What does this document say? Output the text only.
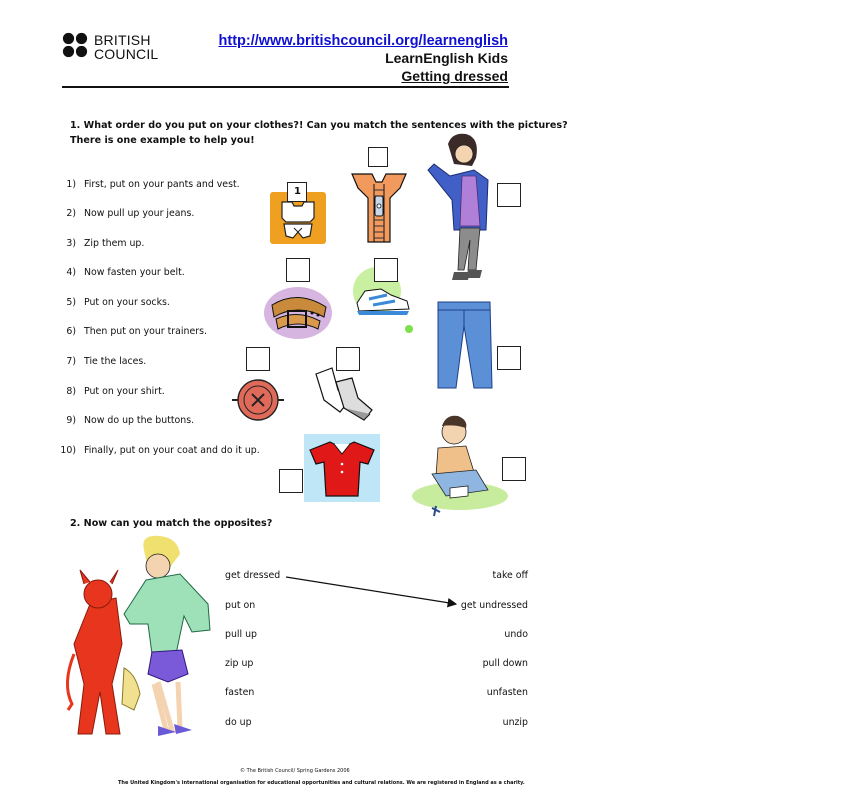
BRITISH
COUNCIL
http://www.britishcouncil.org/learnenglish
LearnEnglish Kids
Getting dressed
1. What order do you put on your clothes?! Can you match the sentences with the pictures?
There is one example to help you!
1) First, put on your pants and vest.
2) Now pull up your jeans.
3) Zip them up.
4) Now fasten your belt.
5) Put on your socks.
6) Then put on your trainers.
7) Tie the laces.
8) Put on your shirt.
9) Now do up the buttons.
10) Finally, put on your coat and do it up.
1
2. Now can you match the opposites?
get dressed
put on
pull up
zip up
fasten
do up
take off
get undressed
undo
pull down
unfasten
unzip
© The British Council/ Spring Gardens 2006
The United Kingdom's international organisation for educational opportunities and cultural relations. We are registered in England as a charity.
